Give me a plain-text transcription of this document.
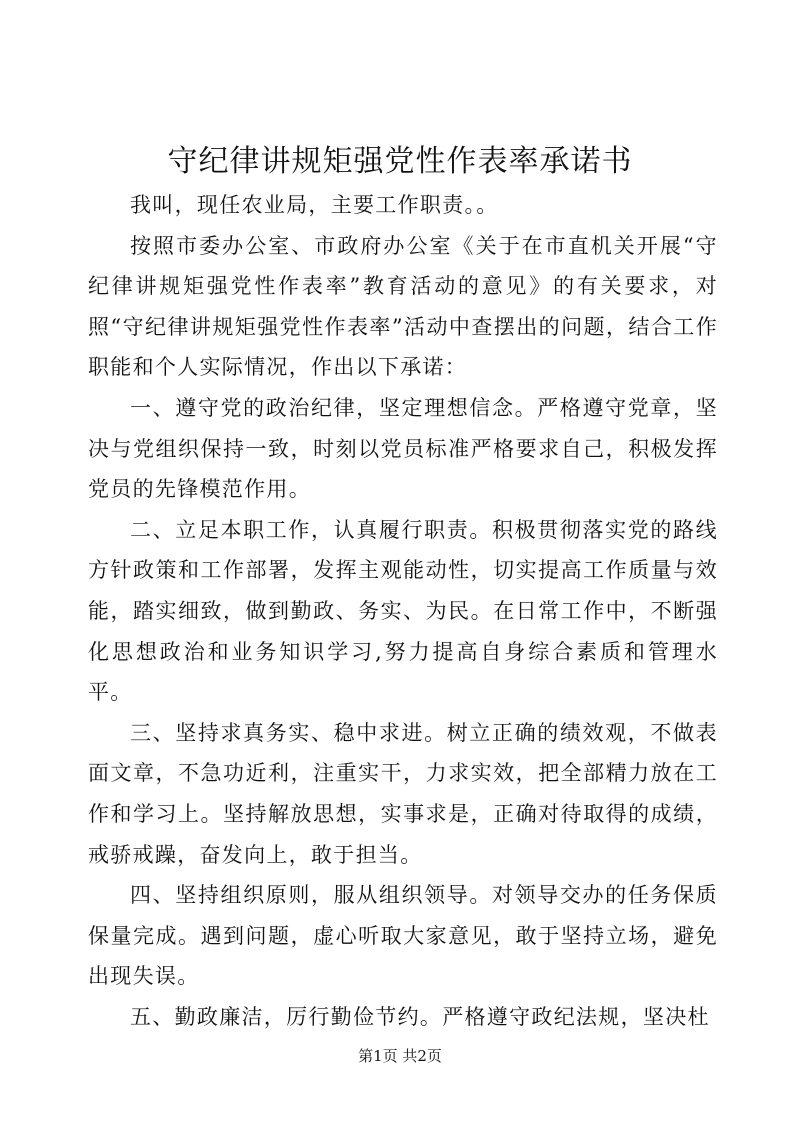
守纪律讲规矩强党性作表率承诺书

我叫，现任农业局，主要工作职责。。

按照市委办公室、市政府办公室《关于在市直机关开展“守纪律讲规矩强党性作表率”教育活动的意见》的有关要求，对照“守纪律讲规矩强党性作表率”活动中查摆出的问题，结合工作职能和个人实际情况，作出以下承诺：

一、遵守党的政治纪律，坚定理想信念。严格遵守党章，坚决与党组织保持一致，时刻以党员标准严格要求自己，积极发挥党员的先锋模范作用。

二、立足本职工作，认真履行职责。积极贯彻落实党的路线方针政策和工作部署，发挥主观能动性，切实提高工作质量与效能，踏实细致，做到勤政、务实、为民。在日常工作中，不断强化思想政治和业务知识学习,努力提高自身综合素质和管理水平。

三、坚持求真务实、稳中求进。树立正确的绩效观，不做表面文章，不急功近利，注重实干，力求实效，把全部精力放在工作和学习上。坚持解放思想，实事求是，正确对待取得的成绩，戒骄戒躁，奋发向上，敢于担当。

四、坚持组织原则，服从组织领导。对领导交办的任务保质保量完成。遇到问题，虚心听取大家意见，敢于坚持立场，避免出现失误。

五、勤政廉洁，厉行勤俭节约。严格遵守政纪法规，坚决杜

第1页 共2页
